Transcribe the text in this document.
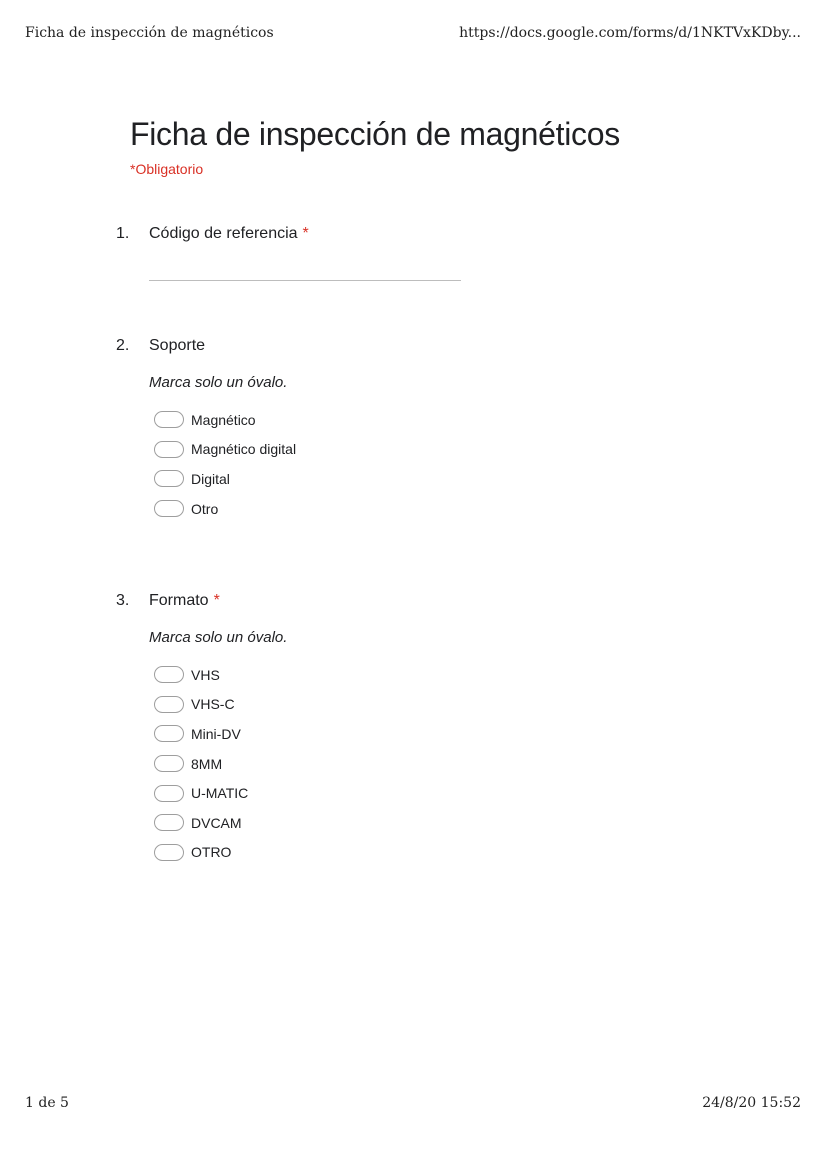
Ficha de inspección de magnéticos	https://docs.google.com/forms/d/1NKTVxKDby...
Ficha de inspección de magnéticos
*Obligatorio
1.	Código de referencia *
2.	Soporte
Marca solo un óvalo.
Magnético
Magnético digital
Digital
Otro
3.	Formato *
Marca solo un óvalo.
VHS
VHS-C
Mini-DV
8MM
U-MATIC
DVCAM
OTRO
1 de 5	24/8/20 15:52
